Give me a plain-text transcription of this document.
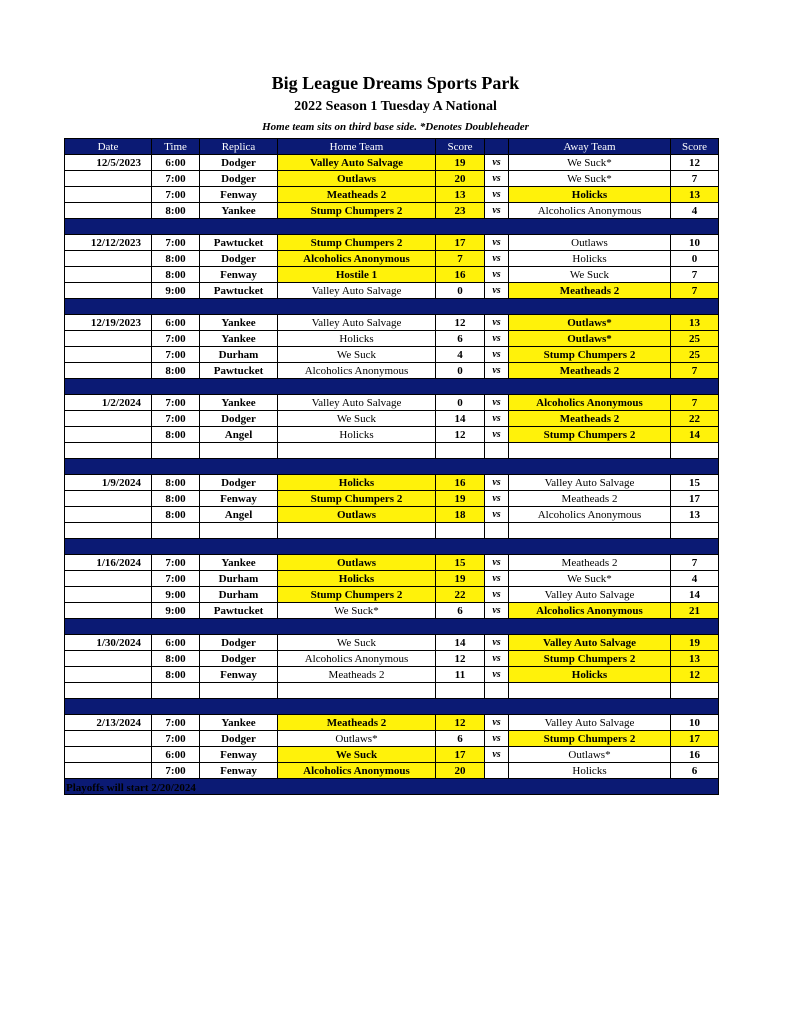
Big League Dreams Sports Park
2022 Season 1 Tuesday A National
Home team sits on third base side. *Denotes Doubleheader
Date	Time	Replica	Home Team	Score		Away Team	Score
12/5/2023	6:00	Dodger	Valley Auto Salvage	19	vs	We Suck*	12
	7:00	Dodger	Outlaws	20	vs	We Suck*	7
	7:00	Fenway	Meatheads 2	13	vs	Holicks	13
	8:00	Yankee	Stump Chumpers 2	23	vs	Alcoholics Anonymous	4

12/12/2023	7:00	Pawtucket	Stump Chumpers 2	17	vs	Outlaws	10
	8:00	Dodger	Alcoholics Anonymous	7	vs	Holicks	0
	8:00	Fenway	Hostile 1	16	vs	We Suck	7
	9:00	Pawtucket	Valley Auto Salvage	0	vs	Meatheads 2	7

12/19/2023	6:00	Yankee	Valley Auto Salvage	12	vs	Outlaws*	13
	7:00	Yankee	Holicks	6	vs	Outlaws*	25
	7:00	Durham	We Suck	4	vs	Stump Chumpers 2	25
	8:00	Pawtucket	Alcoholics Anonymous	0	vs	Meatheads 2	7

1/2/2024	7:00	Yankee	Valley Auto Salvage	0	vs	Alcoholics Anonymous	7
	7:00	Dodger	We Suck	14	vs	Meatheads 2	22
	8:00	Angel	Holicks	12	vs	Stump Chumpers 2	14

1/9/2024	8:00	Dodger	Holicks	16	vs	Valley Auto Salvage	15
	8:00	Fenway	Stump Chumpers 2	19	vs	Meatheads 2	17
	8:00	Angel	Outlaws	18	vs	Alcoholics Anonymous	13

1/16/2024	7:00	Yankee	Outlaws	15	vs	Meatheads 2	7
	7:00	Durham	Holicks	19	vs	We Suck*	4
	9:00	Durham	Stump Chumpers 2	22	vs	Valley Auto Salvage	14
	9:00	Pawtucket	We Suck*	6	vs	Alcoholics Anonymous	21

1/30/2024	6:00	Dodger	We Suck	14	vs	Valley Auto Salvage	19
	8:00	Dodger	Alcoholics Anonymous	12	vs	Stump Chumpers 2	13
	8:00	Fenway	Meatheads 2	11	vs	Holicks	12

2/13/2024	7:00	Yankee	Meatheads 2	12	vs	Valley Auto Salvage	10
	7:00	Dodger	Outlaws*	6	vs	Stump Chumpers 2	17
	6:00	Fenway	We Suck	17	vs	Outlaws*	16
	7:00	Fenway	Alcoholics Anonymous	20		Holicks	6

Playoffs will start 2/20/2024
